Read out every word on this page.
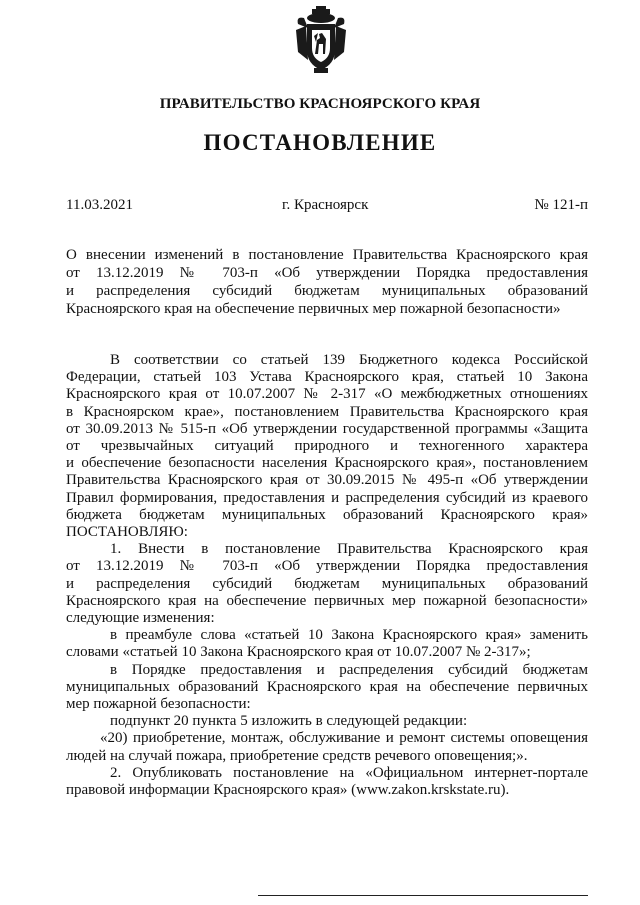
ПРАВИТЕЛЬСТВО КРАСНОЯРСКОГО КРАЯ
ПОСТАНОВЛЕНИЕ
11.03.2021	г. Красноярск	№ 121-п

О внесении изменений в постановление Правительства Красноярского края

от 13.12.2019 № 703-п «Об утверждении Порядка предоставления

и распределения субсидий бюджетам муниципальных образований

Красноярского края на обеспечение первичных мер пожарной безопасности»

В соответствии со статьей 139 Бюджетного кодекса Российской

Федерации, статьей 103 Устава Красноярского края, статьей 10 Закона

Красноярского края от 10.07.2007 № 2-317 «О межбюджетных отношениях

в Красноярском крае», постановлением Правительства Красноярского края

от 30.09.2013 № 515-п «Об утверждении государственной программы «Защита

от чрезвычайных ситуаций природного и техногенного характера

и обеспечение безопасности населения Красноярского края», постановлением

Правительства Красноярского края от 30.09.2015 № 495-п «Об утверждении

Правил формирования, предоставления и распределения субсидий из краевого

бюджета бюджетам муниципальных образований Красноярского края»

ПОСТАНОВЛЯЮ:

1. Внести в постановление Правительства Красноярского края

от 13.12.2019 № 703-п «Об утверждении Порядка предоставления

и распределения субсидий бюджетам муниципальных образований

Красноярского края на обеспечение первичных мер пожарной безопасности»

следующие изменения:

в преамбуле слова «статьей 10 Закона Красноярского края» заменить

словами «статьей 10 Закона Красноярского края от 10.07.2007 № 2-317»;

в Порядке предоставления и распределения субсидий бюджетам

муниципальных образований Красноярского края на обеспечение первичных

мер пожарной безопасности:

подпункт 20 пункта 5 изложить в следующей редакции:

«20) приобретение, монтаж, обслуживание и ремонт системы оповещения

людей на случай пожара, приобретение средств речевого оповещения;».

2. Опубликовать постановление на «Официальном интернет-портале

правовой информации Красноярского края» (www.zakon.krskstate.ru).
